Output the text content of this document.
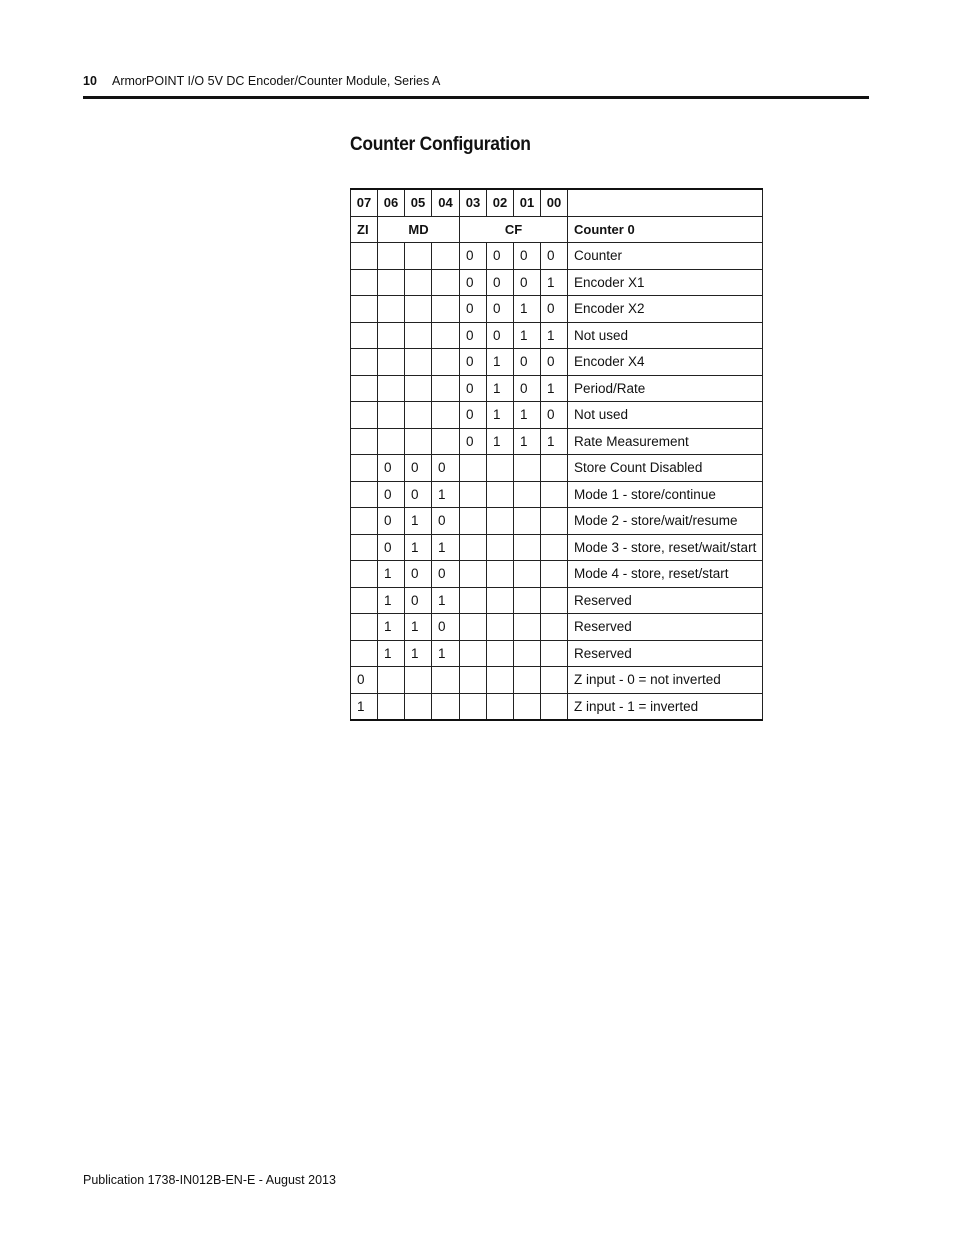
10 ArmorPOINT I/O 5V DC Encoder/Counter Module, Series A
Counter Configuration
07	06	05	04	03	02	01	00	
ZI	MD			CF				Counter 0
				0	0	0	0	Counter
				0	0	0	1	Encoder X1
				0	0	1	0	Encoder X2
				0	0	1	1	Not used
				0	1	0	0	Encoder X4
				0	1	0	1	Period/Rate
				0	1	1	0	Not used
				0	1	1	1	Rate Measurement
	0	0	0					Store Count Disabled
	0	0	1					Mode 1 - store/continue
	0	1	0					Mode 2 - store/wait/resume
	0	1	1					Mode 3 - store, reset/wait/start
	1	0	0					Mode 4 - store, reset/start
	1	0	1					Reserved
	1	1	0					Reserved
	1	1	1					Reserved
0								Z input - 0 = not inverted
1								Z input - 1 = inverted
Publication 1738-IN012B-EN-E - August 2013
